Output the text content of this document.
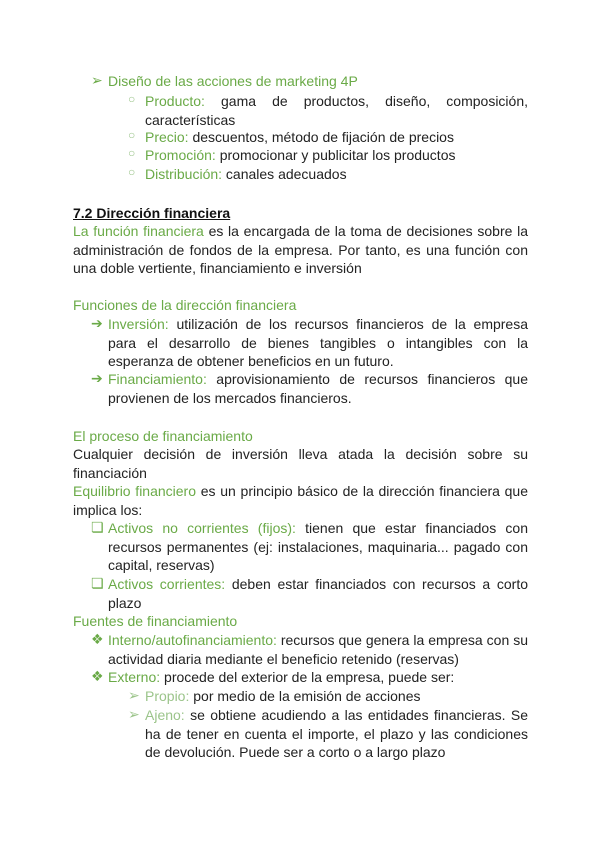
➢ Diseño de las acciones de marketing 4P
○ Producto: gama de productos, diseño, composición, características
○ Precio: descuentos, método de fijación de precios
○ Promoción: promocionar y publicitar los productos
○ Distribución: canales adecuados
7.2 Dirección financiera
La función financiera es la encargada de la toma de decisiones sobre la administración de fondos de la empresa. Por tanto, es una función con una doble vertiente, financiamiento e inversión
Funciones de la dirección financiera
➔ Inversión: utilización de los recursos financieros de la empresa para el desarrollo de bienes tangibles o intangibles con la esperanza de obtener beneficios en un futuro.
➔ Financiamiento: aprovisionamiento de recursos financieros que provienen de los mercados financieros.
El proceso de financiamiento
Cualquier decisión de inversión lleva atada la decisión sobre su financiación
Equilibrio financiero es un principio básico de la dirección financiera que implica los:
❏ Activos no corrientes (fijos): tienen que estar financiados con recursos permanentes (ej: instalaciones, maquinaria... pagado con capital, reservas)
❏ Activos corrientes: deben estar financiados con recursos a corto plazo
Fuentes de financiamiento
❖ Interno/autofinanciamiento: recursos que genera la empresa con su actividad diaria mediante el beneficio retenido (reservas)
❖ Externo: procede del exterior de la empresa, puede ser:
➢ Propio: por medio de la emisión de acciones
➢ Ajeno: se obtiene acudiendo a las entidades financieras. Se ha de tener en cuenta el importe, el plazo y las condiciones de devolución. Puede ser a corto o a largo plazo
